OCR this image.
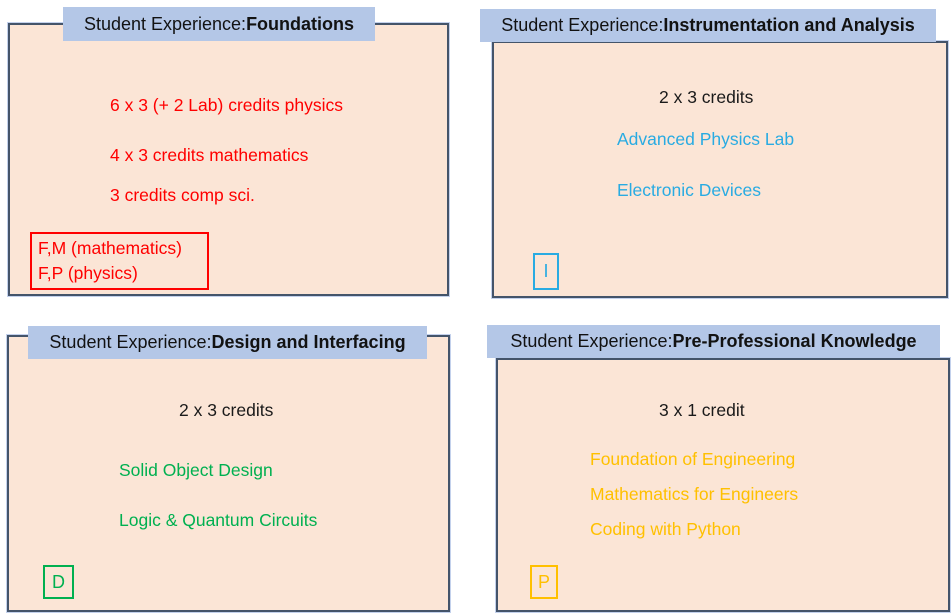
6 x 3 (+ 2 Lab) credits physics

4 x 3 credits mathematics

3 credits comp sci.

F,M (mathematics)
F,P (physics)
Student Experience: Foundations

2 x 3 credits

Advanced Physics Lab

Electronic Devices

I
Student Experience: Instrumentation and Analysis

2 x 3 credits

Solid Object Design

Logic & Quantum Circuits

D
Student Experience: Design and Interfacing

3 x 1 credit

Foundation of Engineering

Mathematics for Engineers

Coding with Python

P
Student Experience: Pre-Professional Knowledge
